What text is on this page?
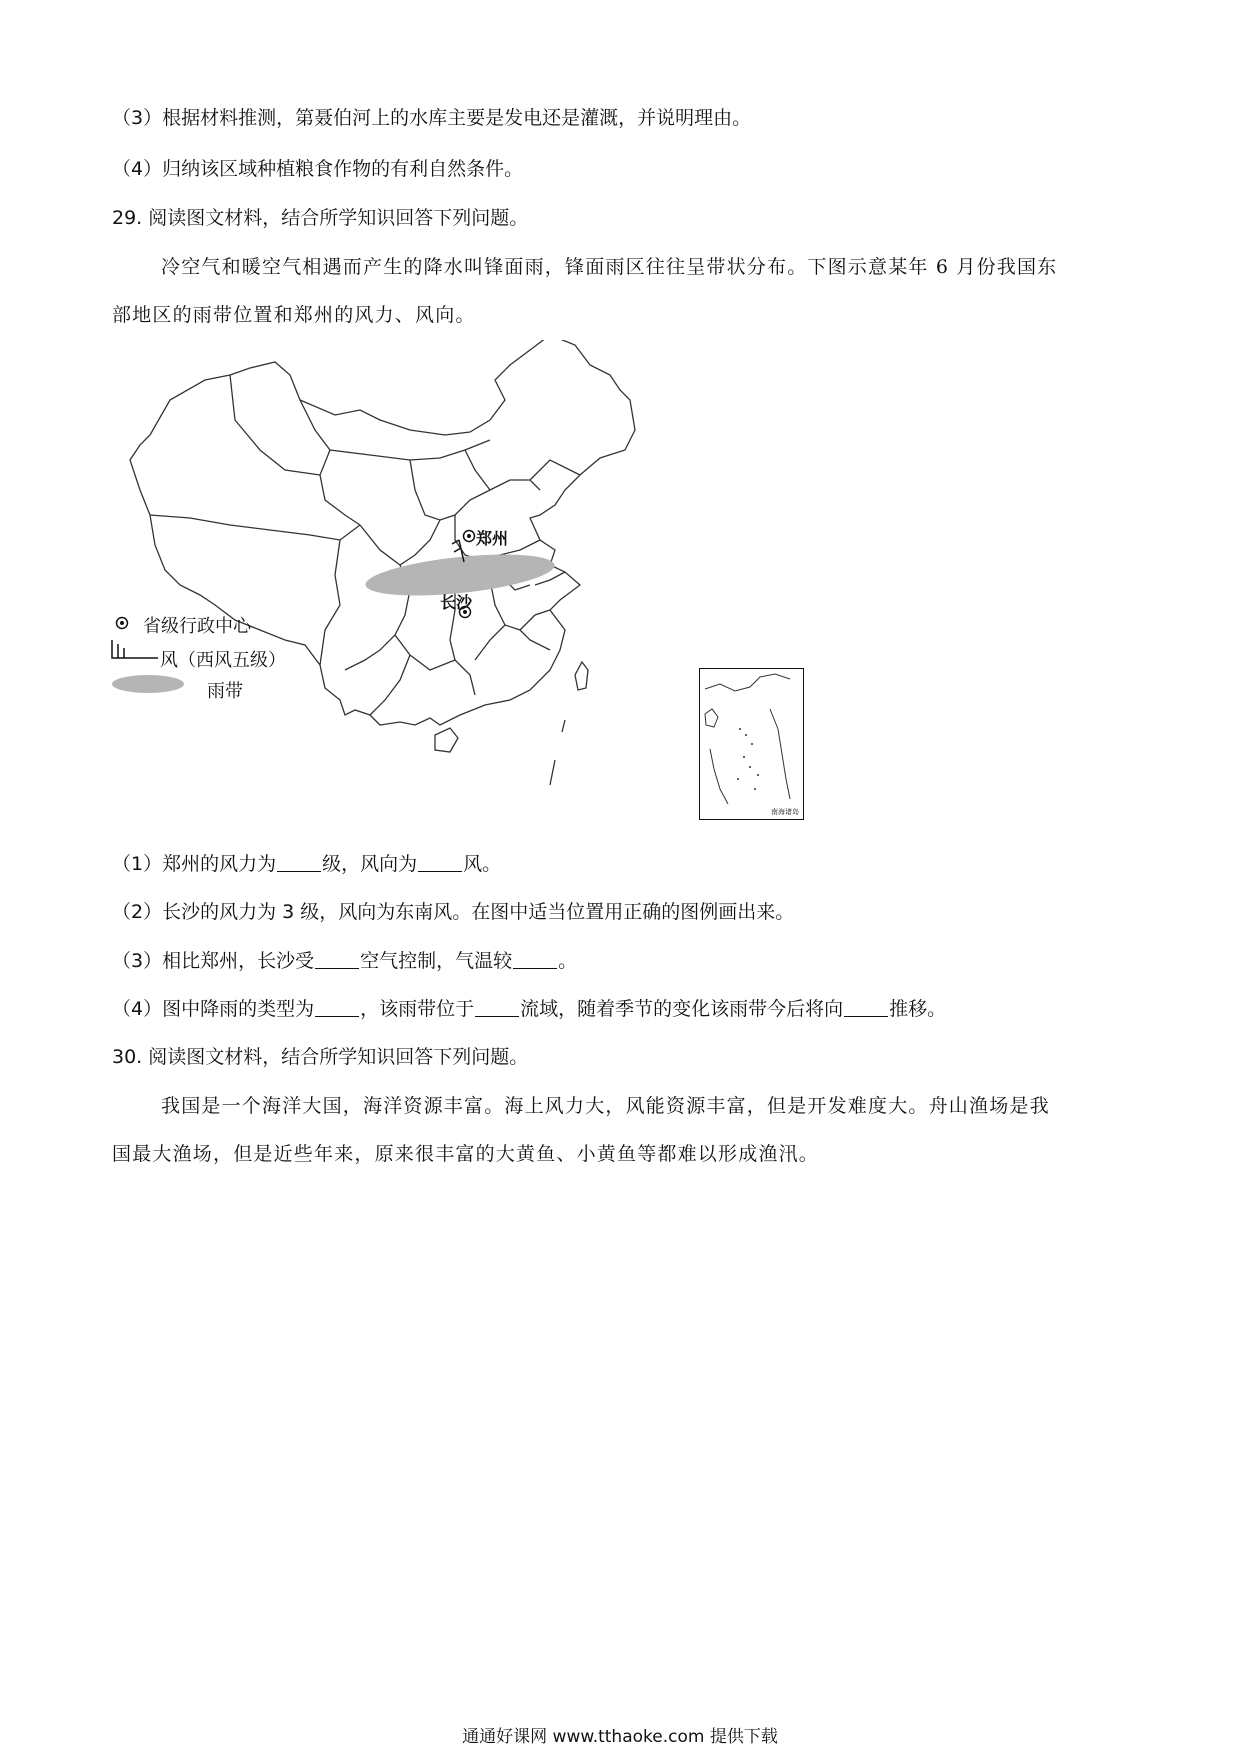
（3）根据材料推测，第聂伯河上的水库主要是发电还是灌溉，并说明理由。
（4）归纳该区域种植粮食作物的有利自然条件。
29. 阅读图文材料，结合所学知识回答下列问题。
冷空气和暖空气相遇而产生的降水叫锋面雨，锋面雨区往往呈带状分布。下图示意某年 6 月份我国东
部地区的雨带位置和郑州的风力、风向。
郑州
长沙
省级行政中心
风（西风五级）
雨带
南海诸岛
（1）郑州的风力为 级，风向为 风。
（2）长沙的风力为 3 级，风向为东南风。在图中适当位置用正确的图例画出来。
（3）相比郑州，长沙受 空气控制，气温较 。
（4）图中降雨的类型为 ，该雨带位于 流域，随着季节的变化该雨带今后将向 推移。
30. 阅读图文材料，结合所学知识回答下列问题。
我国是一个海洋大国，海洋资源丰富。海上风力大，风能资源丰富，但是开发难度大。舟山渔场是我
国最大渔场，但是近些年来，原来很丰富的大黄鱼、小黄鱼等都难以形成渔汛。
通通好课网 www.tthaoke.com 提供下载
